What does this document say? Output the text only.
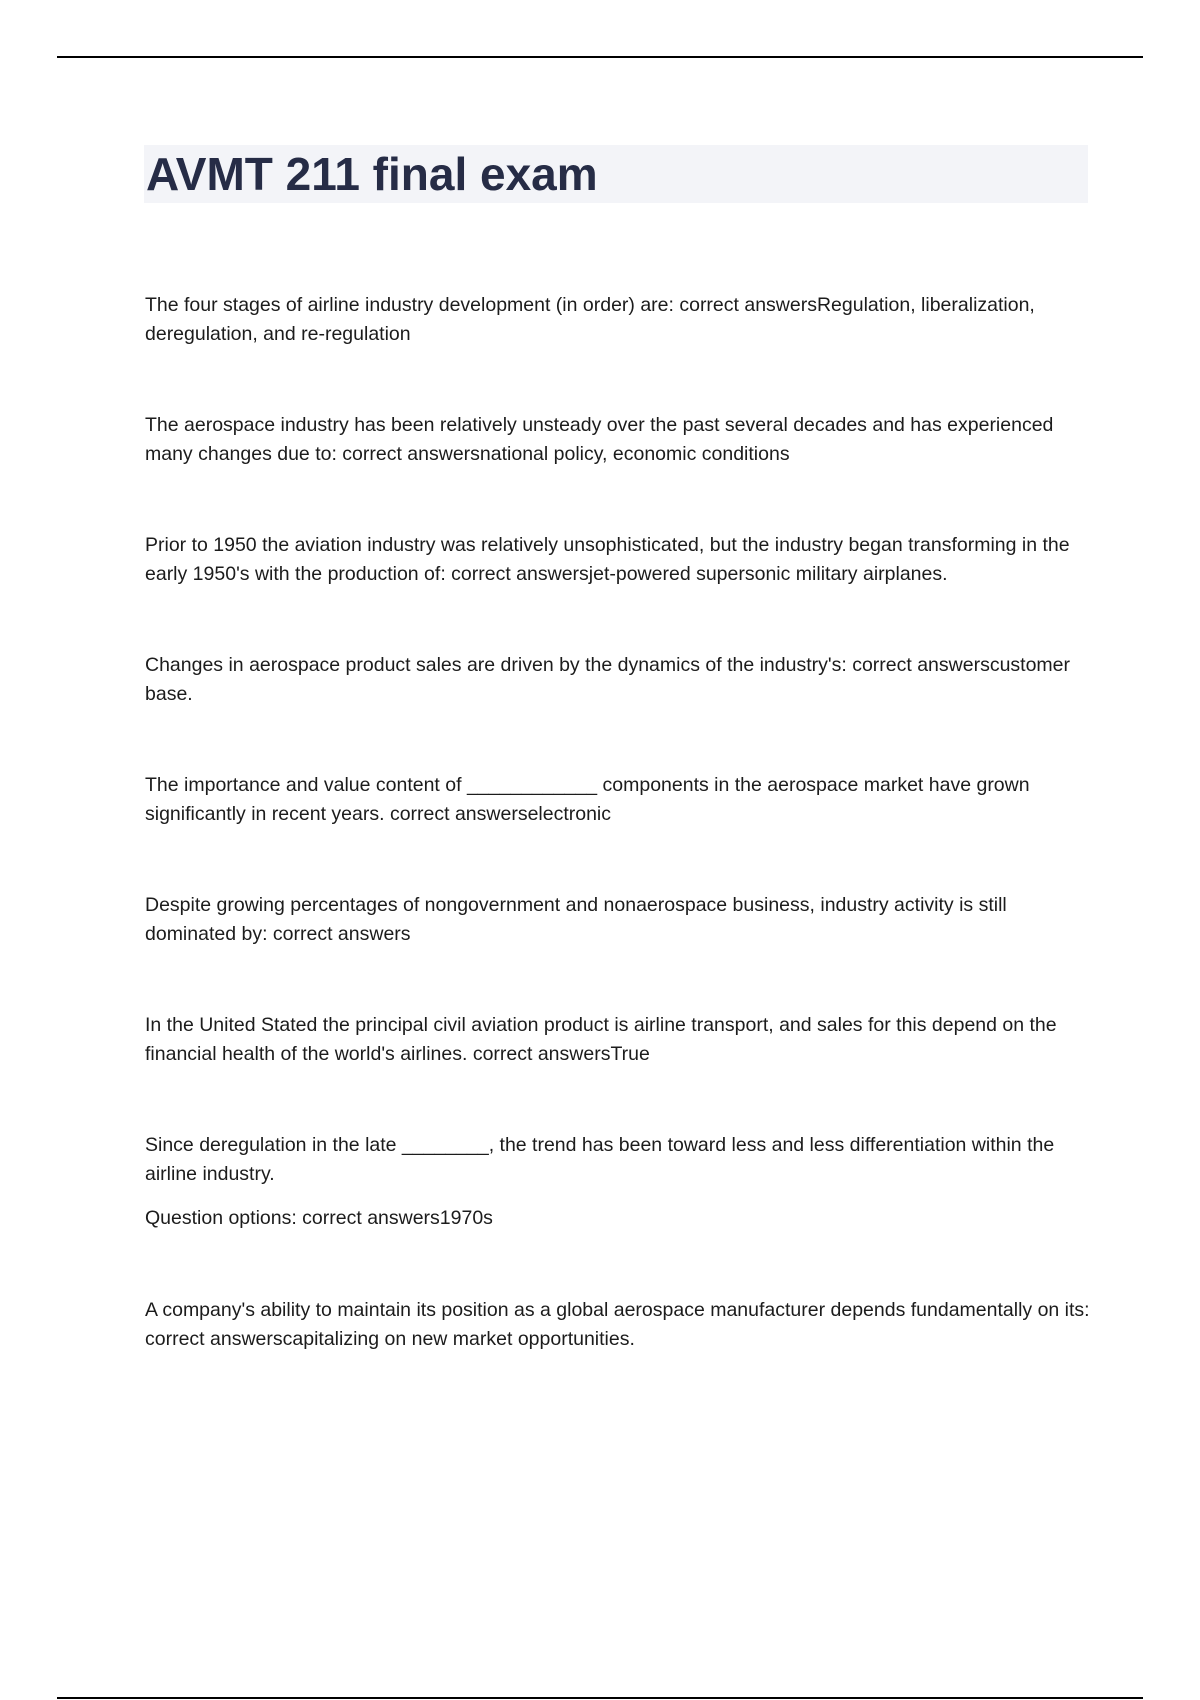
AVMT 211 final exam

The four stages of airline industry development (in order) are: correct answersRegulation, liberalization, deregulation, and re-regulation

The aerospace industry has been relatively unsteady over the past several decades and has experienced many changes due to: correct answersnational policy, economic conditions

Prior to 1950 the aviation industry was relatively unsophisticated, but the industry began transforming in the early 1950's with the production of: correct answersjet-powered supersonic military airplanes.

Changes in aerospace product sales are driven by the dynamics of the industry's: correct answerscustomer base.

The importance and value content of ____________ components in the aerospace market have grown significantly in recent years. correct answerselectronic

Despite growing percentages of nongovernment and nonaerospace business, industry activity is still dominated by: correct answers

In the United Stated the principal civil aviation product is airline transport, and sales for this depend on the financial health of the world's airlines. correct answersTrue

Since deregulation in the late ________, the trend has been toward less and less differentiation within the airline industry.

Question options: correct answers1970s

A company's ability to maintain its position as a global aerospace manufacturer depends fundamentally on its: correct answerscapitalizing on new market opportunities.
